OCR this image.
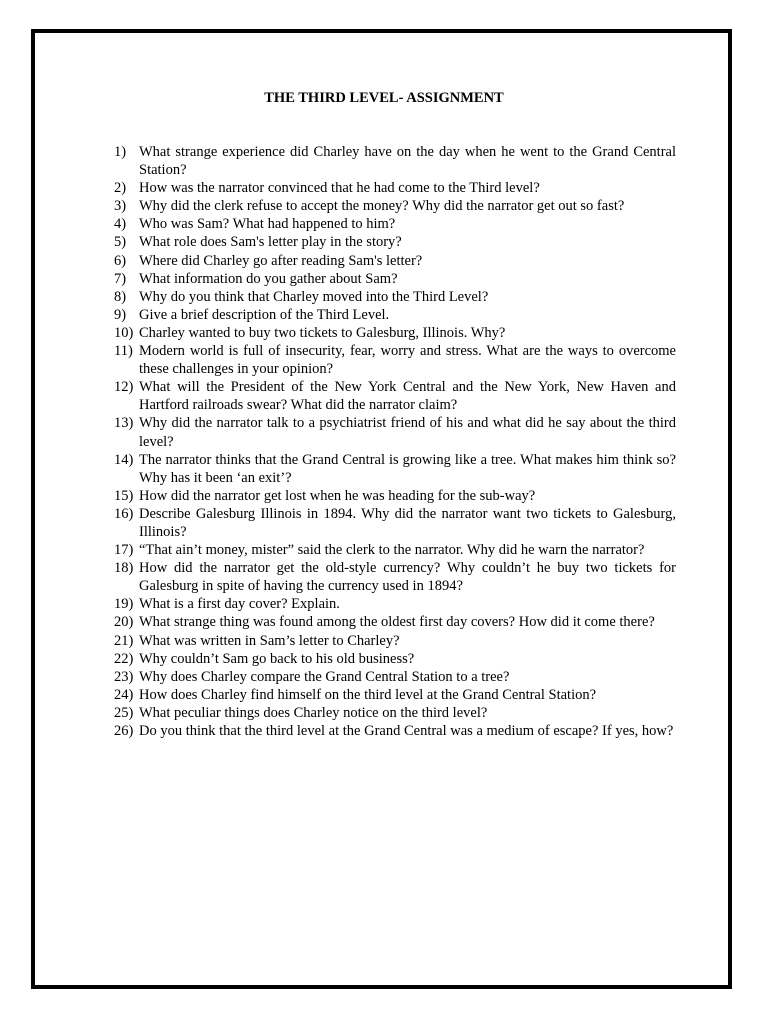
THE THIRD LEVEL- ASSIGNMENT
1) What strange experience did Charley have on the day when he went to the Grand Central Station?
2) How was the narrator convinced that he had come to the Third level?
3) Why did the clerk refuse to accept the money? Why did the narrator get out so fast?
4) Who was Sam? What had happened to him?
5) What role does Sam's letter play in the story?
6) Where did Charley go after reading Sam's letter?
7) What information do you gather about Sam?
8) Why do you think that Charley moved into the Third Level?
9) Give a brief description of the Third Level.
10) Charley wanted to buy two tickets to Galesburg, Illinois. Why?
11) Modern world is full of insecurity, fear, worry and stress. What are the ways to overcome these challenges in your opinion?
12) What will the President of the New York Central and the New York, New Haven and Hartford railroads swear? What did the narrator claim?
13) Why did the narrator talk to a psychiatrist friend of his and what did he say about the third level?
14) The narrator thinks that the Grand Central is growing like a tree. What makes him think so? Why has it been ‘an exit’?
15) How did the narrator get lost when he was heading for the sub-way?
16) Describe Galesburg Illinois in 1894. Why did the narrator want two tickets to Galesburg, Illinois?
17) “That ain’t money, mister” said the clerk to the narrator. Why did he warn the narrator?
18) How did the narrator get the old-style currency? Why couldn’t he buy two tickets for Galesburg in spite of having the currency used in 1894?
19) What is a first day cover? Explain.
20) What strange thing was found among the oldest first day covers? How did it come there?
21) What was written in Sam’s letter to Charley?
22) Why couldn’t Sam go back to his old business?
23) Why does Charley compare the Grand Central Station to a tree?
24) How does Charley find himself on the third level at the Grand Central Station?
25) What peculiar things does Charley notice on the third level?
26) Do you think that the third level at the Grand Central was a medium of escape? If yes, how?
